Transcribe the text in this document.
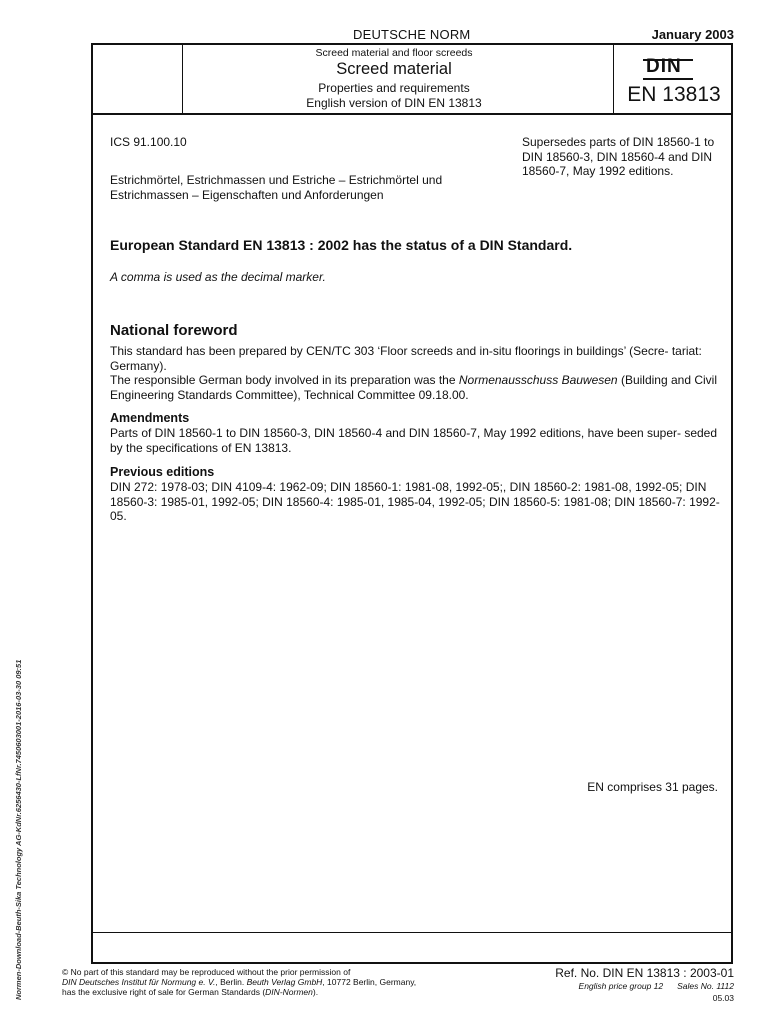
DEUTSCHE NORM	January 2003
Screed material and floor screeds
Screed material
Properties and requirements
English version of DIN EN 13813
DIN
EN 13813
ICS 91.100.10	Supersedes parts of DIN 18560-1 to DIN 18560-3, DIN 18560-4 and DIN 18560-7, May 1992 editions.
Estrichmörtel, Estrichmassen und Estriche – Estrichmörtel und Estrichmassen – Eigenschaften und Anforderungen
European Standard EN 13813 : 2002 has the status of a DIN Standard.
A comma is used as the decimal marker.
National foreword
This standard has been prepared by CEN/TC 303 ‘Floor screeds and in-situ floorings in buildings’ (Secre- tariat: Germany).
The responsible German body involved in its preparation was the Normenausschuss Bauwesen (Building and Civil Engineering Standards Committee), Technical Committee 09.18.00.
Amendments
Parts of DIN 18560-1 to DIN 18560-3, DIN 18560-4 and DIN 18560-7, May 1992 editions, have been super- seded by the specifications of EN 13813.
Previous editions
DIN 272: 1978-03; DIN 4109-4: 1962-09; DIN 18560-1: 1981-08, 1992-05;, DIN 18560-2: 1981-08, 1992-05; DIN 18560-3: 1985-01, 1992-05; DIN 18560-4: 1985-01, 1985-04, 1992-05; DIN 18560-5: 1981-08; DIN 18560-7: 1992-05.
EN comprises 31 pages.
© No part of this standard may be reproduced without the prior permission of
DIN Deutsches Institut für Normung e. V., Berlin. Beuth Verlag GmbH, 10772 Berlin, Germany,
has the exclusive right of sale for German Standards (DIN-Normen).
Ref. No. DIN EN 13813 : 2003-01
English price group 12 Sales No. 1112
05.03
Normen-Download-Beuth-Sika Technology AG-KdNr.6256430-LfNr.7450603001-2016-03-30 09:51
